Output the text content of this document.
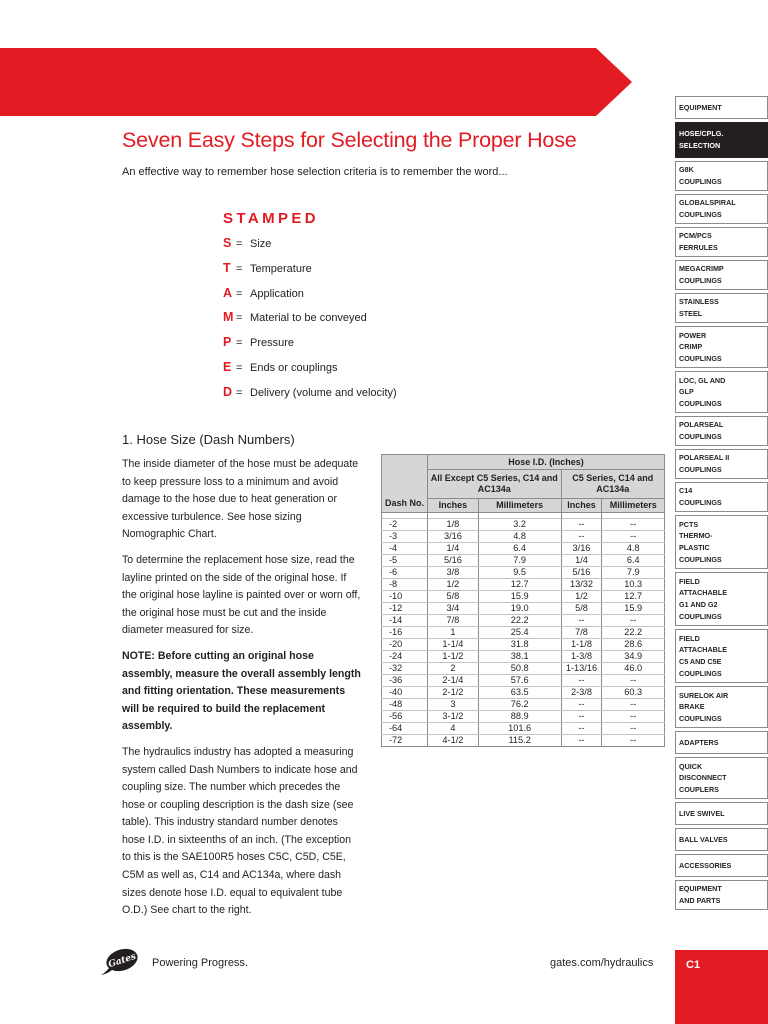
Seven Easy Steps for Selecting the Proper Hose

An effective way to remember hose selection criteria is to remember the word...

STAMPED
S = Size
T = Temperature
A = Application
M = Material to be conveyed
P = Pressure
E = Ends or couplings
D = Delivery (volume and velocity)
1. Hose Size (Dash Numbers)

The inside diameter of the hose must be adequate to keep pressure loss to a minimum and avoid damage to the hose due to heat generation or excessive turbulence. See hose sizing Nomographic Chart.

To determine the replacement hose size, read the layline printed on the side of the original hose. If the original hose layline is painted over or worn off, the original hose must be cut and the inside diameter measured for size.

NOTE: Before cutting an original hose assembly, measure the overall assembly length and fitting orientation. These measurements will be required to build the replacement assembly.

The hydraulics industry has adopted a measuring system called Dash Numbers to indicate hose and coupling size. The number which precedes the hose or coupling description is the dash size (see table). This industry standard number denotes hose I.D. in sixteenths of an inch. (The exception to this is the SAE100R5 hoses C5C, C5D, C5E, C5M as well as, C14 and AC134a, where dash sizes denote hose I.D. equal to equivalent tube O.D.) See chart to the right.

Dash No.	Hose I.D. (Inches)			
	All Except C5 Series, C14 and AC134a		C5 Series, C14 and AC134a	
	Inches	Millimeters	Inches	Millimeters

-2	1/8	3.2	--	--
-3	3/16	4.8	--	--
-4	1/4	6.4	3/16	4.8
-5	5/16	7.9	1/4	6.4
-6	3/8	9.5	5/16	7.9
-8	1/2	12.7	13/32	10.3
-10	5/8	15.9	1/2	12.7
-12	3/4	19.0	5/8	15.9
-14	7/8	22.2	--	--
-16	1	25.4	7/8	22.2
-20	1-1/4	31.8	1-1/8	28.6
-24	1-1/2	38.1	1-3/8	34.9
-32	2	50.8	1-13/16	46.0
-36	2-1/4	57.6	--	--
-40	2-1/2	63.5	2-3/8	60.3
-48	3	76.2	--	--
-56	3-1/2	88.9	--	--
-64	4	101.6	--	--
-72	4-1/2	115.2	--	--
EQUIPMENT
HOSE/CPLG.
SELECTION
G8K
COUPLINGS
GLOBALSPIRAL
COUPLINGS
PCM/PCS
FERRULES
MEGACRIMP
COUPLINGS
STAINLESS
STEEL
POWER
CRIMP
COUPLINGS
LOC, GL AND
GLP
COUPLINGS
POLARSEAL
COUPLINGS
POLARSEAL II
COUPLINGS
C14
COUPLINGS
PCTS
THERMO-
PLASTIC
COUPLINGS
FIELD
ATTACHABLE
G1 AND G2
COUPLINGS
FIELD
ATTACHABLE
C5 AND C5E
COUPLINGS
SURELOK AIR
BRAKE
COUPLINGS
ADAPTERS
QUICK
DISCONNECT
COUPLERS
LIVE SWIVEL
BALL VALVES
ACCESSORIES
EQUIPMENT
AND PARTS
Gates Powering Progress.	gates.com/hydraulics	C1
